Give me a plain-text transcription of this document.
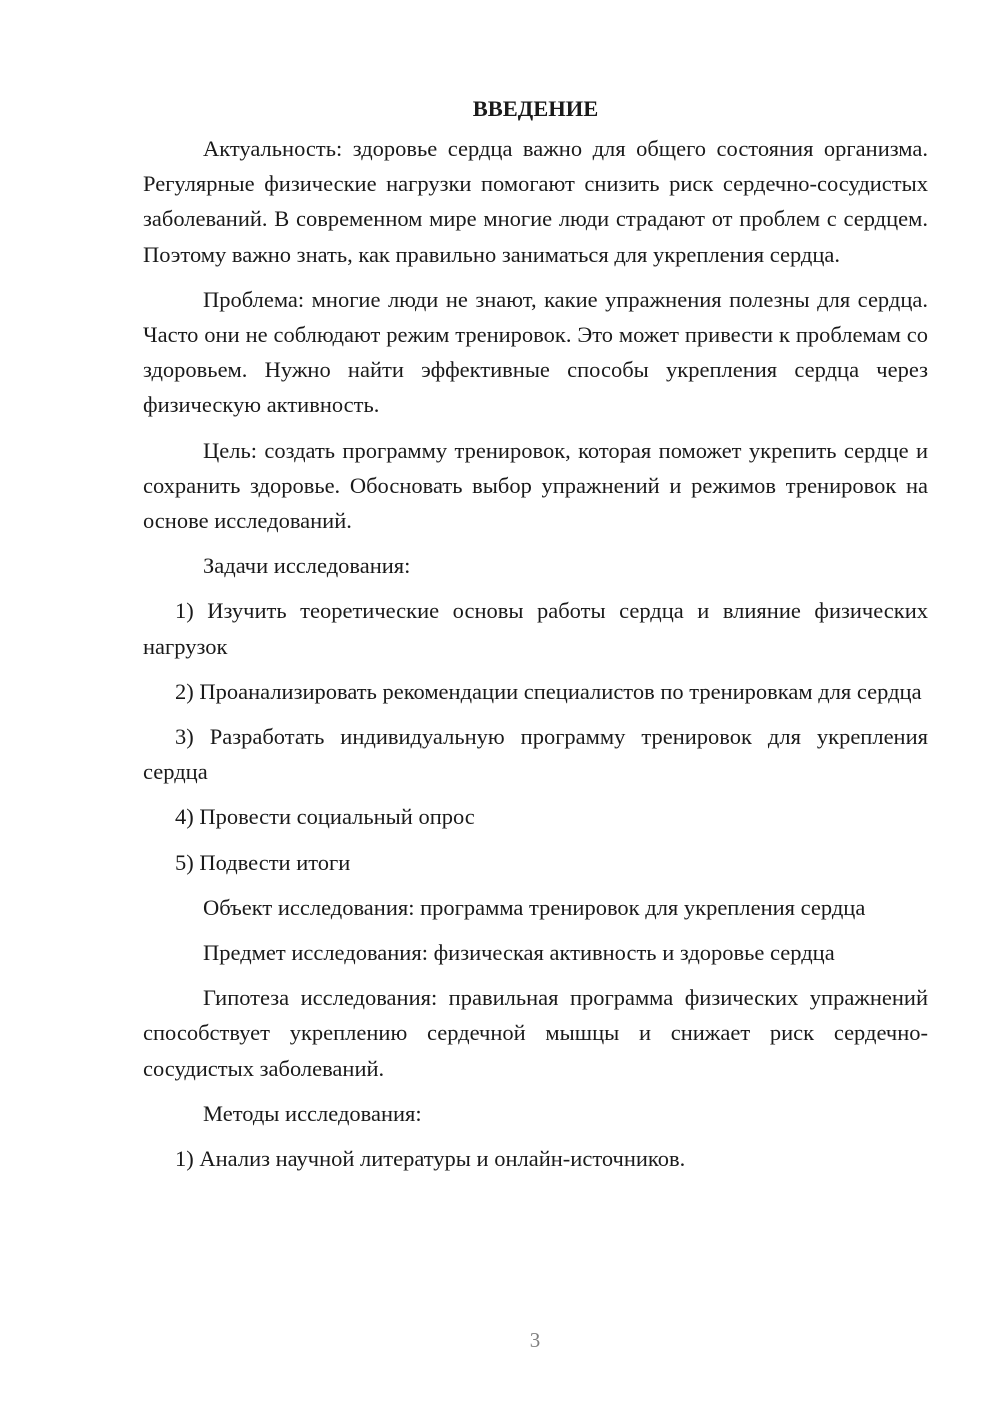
ВВЕДЕНИЕ

Актуальность: здоровье сердца важно для общего состояния организма. Регулярные физические нагрузки помогают снизить риск сердечно-сосудистых заболеваний. В современном мире многие люди страдают от проблем с сердцем. Поэтому важно знать, как правильно заниматься для укрепления сердца.

Проблема: многие люди не знают, какие упражнения полезны для сердца. Часто они не соблюдают режим тренировок. Это может привести к проблемам со здоровьем. Нужно найти эффективные способы укрепления сердца через физическую активность.

Цель: создать программу тренировок, которая поможет укрепить сердце и сохранить здоровье. Обосновать выбор упражнений и режимов тренировок на основе исследований.

Задачи исследования:

1) Изучить теоретические основы работы сердца и влияние физических нагрузок

2) Проанализировать рекомендации специалистов по тренировкам для сердца

3) Разработать индивидуальную программу тренировок для укрепления сердца

4) Провести социальный опрос

5) Подвести итоги

Объект исследования: программа тренировок для укрепления сердца

Предмет исследования: физическая активность и здоровье сердца

Гипотеза исследования: правильная программа физических упражнений способствует укреплению сердечной мышцы и снижает риск сердечно-сосудистых заболеваний.

Методы исследования:

1) Анализ научной литературы и онлайн-источников.

3
